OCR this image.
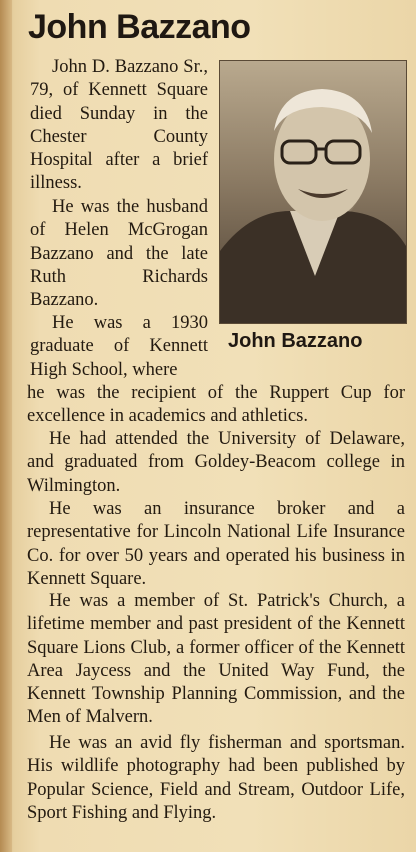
John Bazzano
John Bazzano

John D. Bazzano Sr., 79, of Kennett Square died Sunday in the Chester County Hospital after a brief illness.

He was the husband of Helen McGrogan Bazzano and the late Ruth Richards Bazzano.

He was a 1930 graduate of Kennett High School, where

he was the recipient of the Ruppert Cup for excellence in academics and athletics.

He had attended the University of Delaware, and graduated from Goldey-Beacom college in Wilmington.

He was an insurance broker and a representative for Lincoln National Life Insurance Co. for over 50 years and operated his business in Kennett Square.

He was a member of St. Patrick's Church, a lifetime member and past president of the Kennett Square Lions Club, a former officer of the Kennett Area Jaycess and the United Way Fund, the Kennett Township Planning Commission, and the Men of Malvern.

He was an avid fly fisherman and sportsman. His wildlife photography had been published by Popular Science, Field and Stream, Outdoor Life, Sport Fishing and Flying.
